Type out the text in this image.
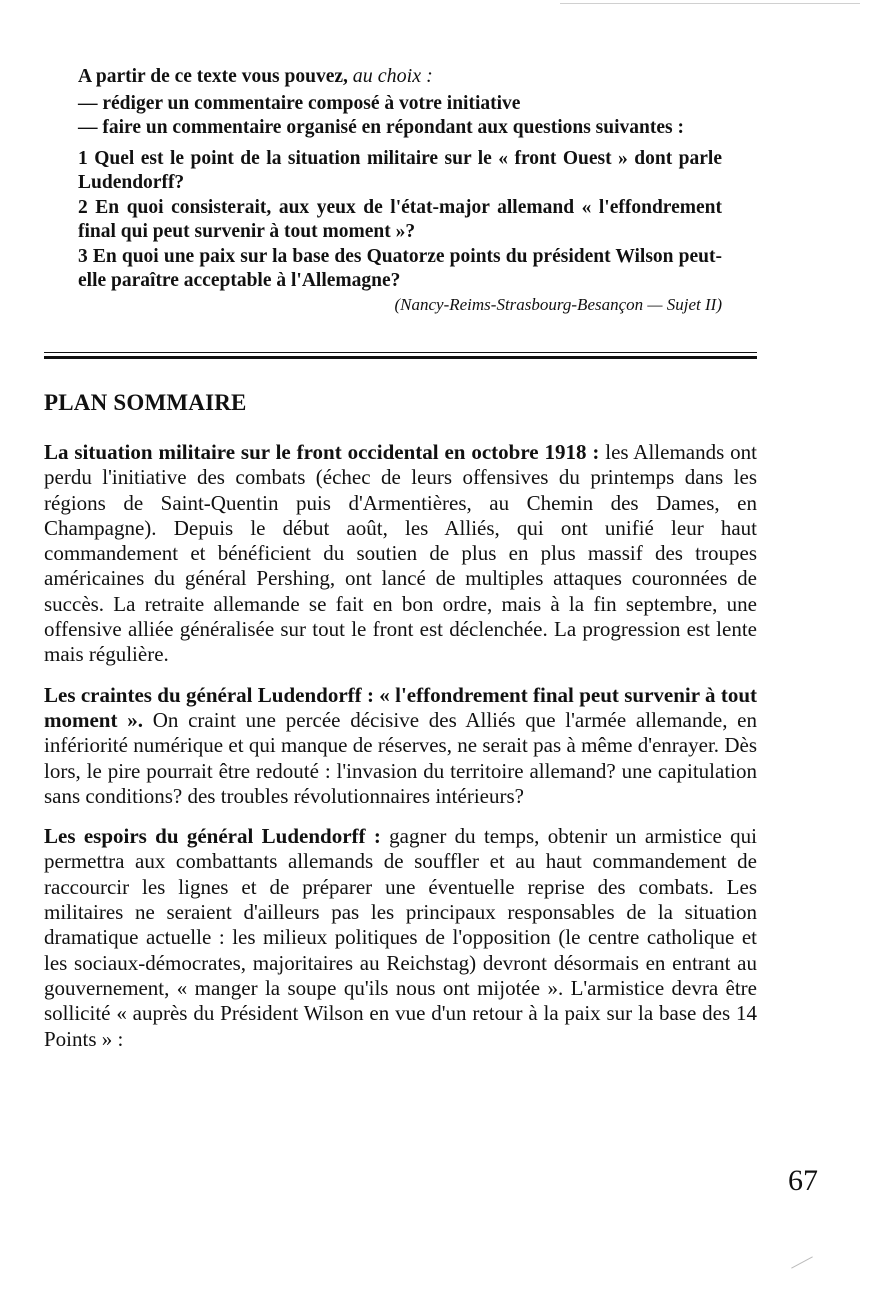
A partir de ce texte vous pouvez, au choix :

— rédiger un commentaire composé à votre initiative

— faire un commentaire organisé en répondant aux questions suivantes :

1 Quel est le point de la situation militaire sur le « front Ouest » dont parle Ludendorff?

2 En quoi consisterait, aux yeux de l'état-major allemand « l'effondrement final qui peut survenir à tout moment »?

3 En quoi une paix sur la base des Quatorze points du président Wilson peut-elle paraître acceptable à l'Allemagne?

(Nancy-Reims-Strasbourg-Besançon — Sujet II)

PLAN SOMMAIRE

La situation militaire sur le front occidental en octobre 1918 : les Allemands ont perdu l'initiative des combats (échec de leurs offensives du printemps dans les régions de Saint-Quentin puis d'Armentières, au Chemin des Dames, en Champagne). Depuis le début août, les Alliés, qui ont unifié leur haut commandement et bénéficient du soutien de plus en plus massif des troupes américaines du général Pershing, ont lancé de multiples attaques couronnées de succès. La retraite allemande se fait en bon ordre, mais à la fin septembre, une offensive alliée généralisée sur tout le front est déclenchée. La progression est lente mais régulière.

Les craintes du général Ludendorff : « l'effondrement final peut survenir à tout moment ». On craint une percée décisive des Alliés que l'armée allemande, en infériorité numérique et qui manque de réserves, ne serait pas à même d'enrayer. Dès lors, le pire pourrait être redouté : l'invasion du territoire allemand? une capitulation sans conditions? des troubles révolutionnaires intérieurs?

Les espoirs du général Ludendorff : gagner du temps, obtenir un armistice qui permettra aux combattants allemands de souffler et au haut commandement de raccourcir les lignes et de préparer une éventuelle reprise des combats. Les militaires ne seraient d'ailleurs pas les principaux responsables de la situation dramatique actuelle : les milieux politiques de l'opposition (le centre catholique et les sociaux-démocrates, majoritaires au Reichstag) devront désormais en entrant au gouvernement, « manger la soupe qu'ils nous ont mijotée ». L'armistice devra être sollicité « auprès du Président Wilson en vue d'un retour à la paix sur la base des 14 Points » :

67
